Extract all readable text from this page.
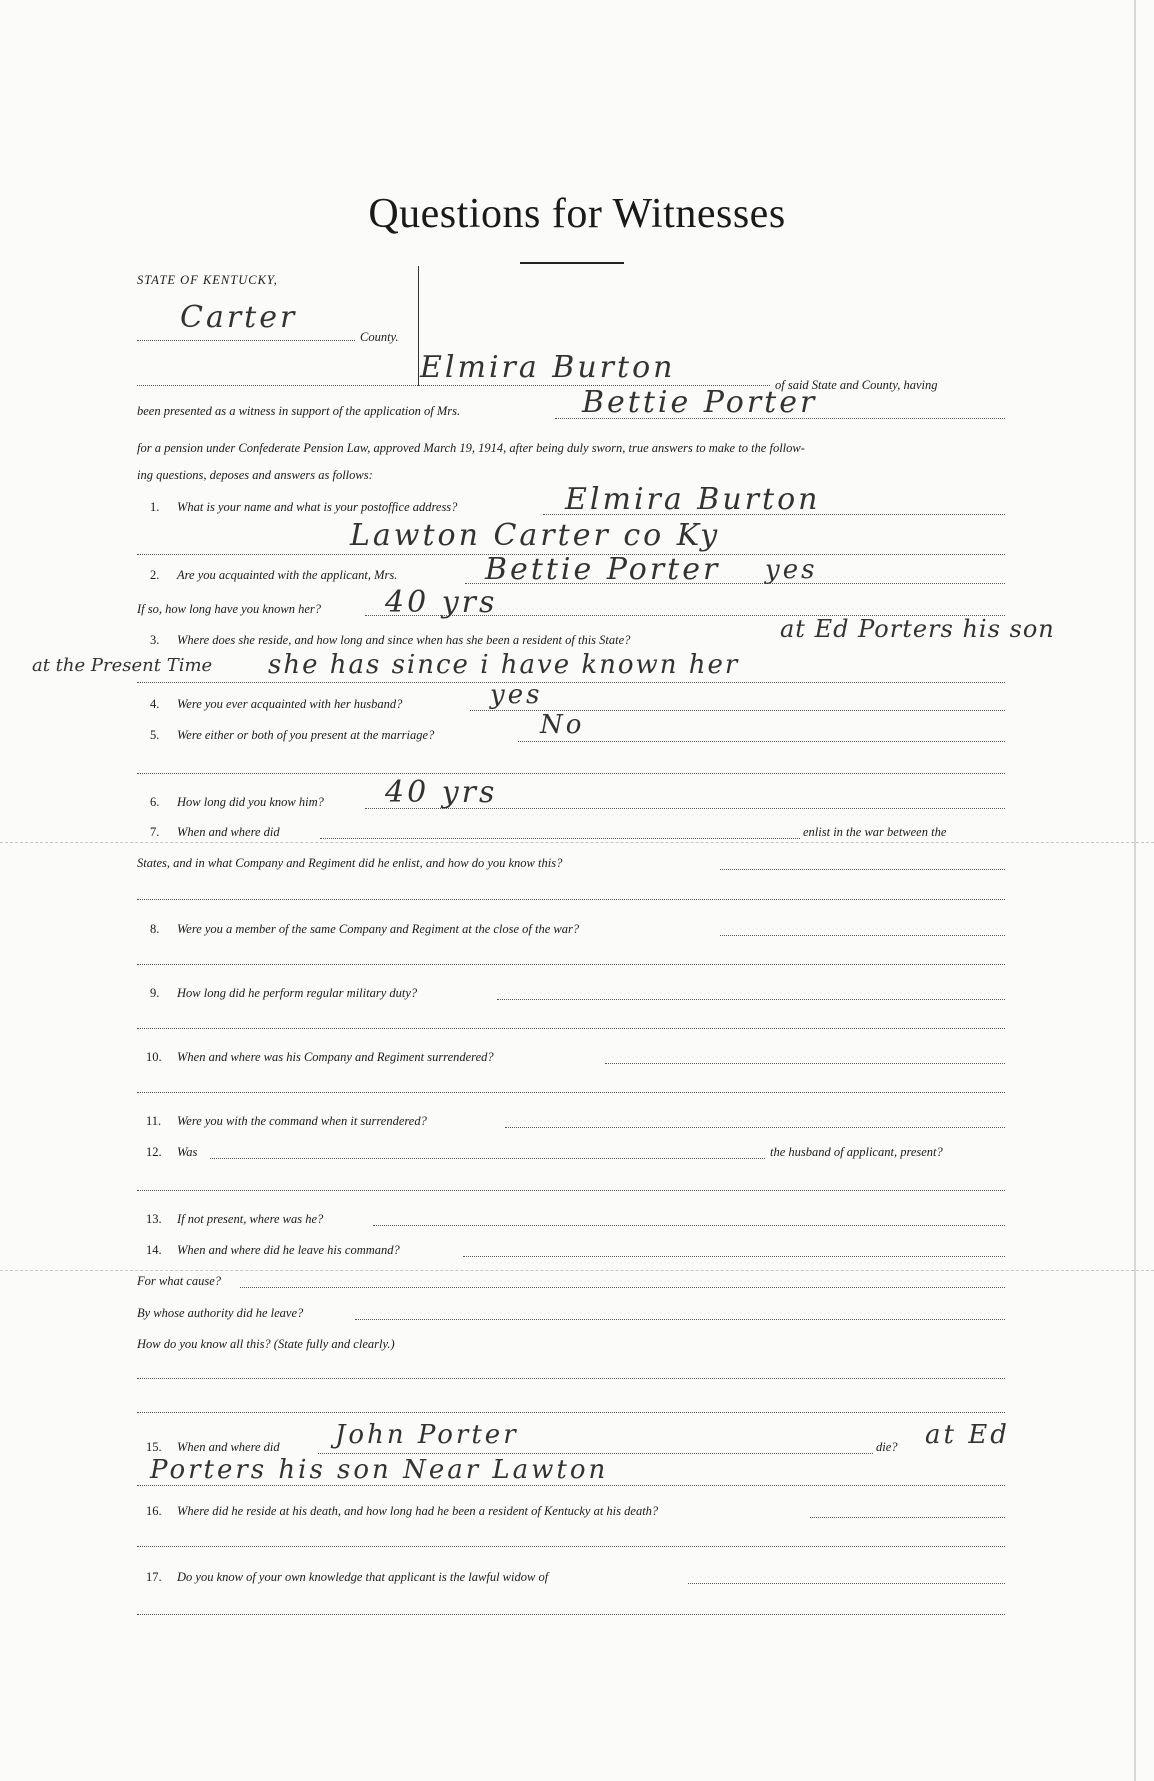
Questions for Witnesses
STATE OF KENTUCKY,
Carter
County.
Elmira Burton	of said State and County, having
been presented as a witness in support of the application of Mrs.	Bettie Porter
for a pension under Confederate Pension Law, approved March 19, 1914, after being duly sworn, true answers to make to the follow-
ing questions, deposes and answers as follows:
1. What is your name and what is your postoffice address?	Elmira Burton
Lawton Carter co Ky
2. Are you acquainted with the applicant, Mrs.	Bettie Porter yes
If so, how long have you known her? 40 yrs
3. Where does she reside, and how long and since when has she been a resident of this State?	at Ed Porters his son
at the Present Time she has since i have known her
4. Were you ever acquainted with her husband?	yes
5. Were either or both of you present at the marriage?	No
6. How long did you know him? 40 yrs
7. When and where did	enlist in the war between the
States, and in what Company and Regiment did he enlist, and how do you know this?
8. Were you a member of the same Company and Regiment at the close of the war?
9. How long did he perform regular military duty?
10. When and where was his Company and Regiment surrendered?
11. Were you with the command when it surrendered?
12. Was	the husband of applicant, present?
13. If not present, where was he?
14. When and where did he leave his command?
For what cause?
By whose authority did he leave?
How do you know all this? (State fully and clearly.)
15. When and where did John Porter	die? at Ed
Porters his son Near Lawton
16. Where did he reside at his death, and how long had he been a resident of Kentucky at his death?
17. Do you know of your own knowledge that applicant is the lawful widow of
